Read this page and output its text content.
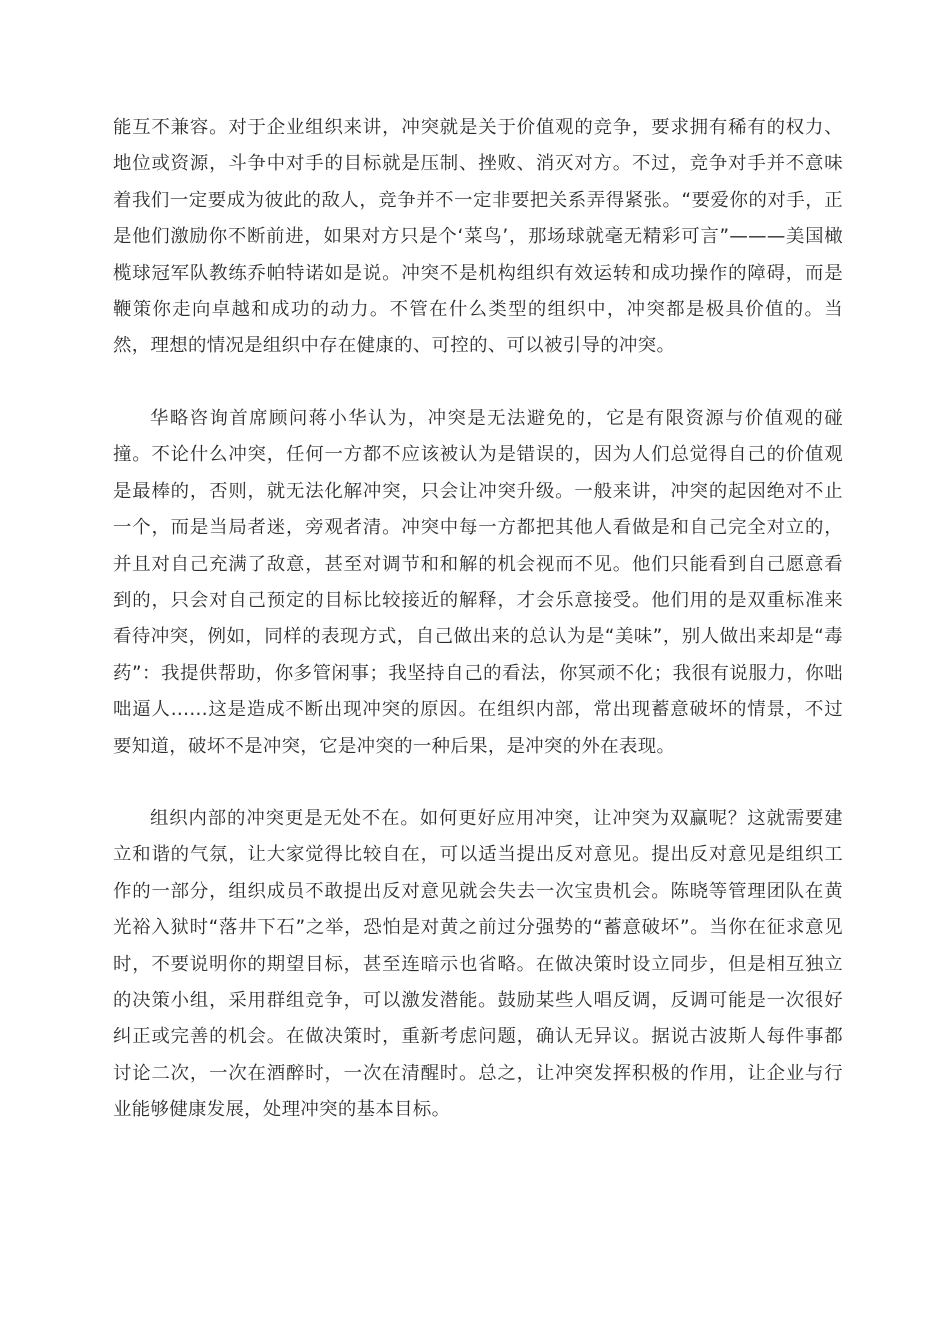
能互不兼容。对于企业组织来讲，冲突就是关于价值观的竞争，要求拥有稀有的权力、地位或资源，斗争中对手的目标就是压制、挫败、消灭对方。不过，竞争对手并不意味着我们一定要成为彼此的敌人，竞争并不一定非要把关系弄得紧张。“要爱你的对手，正是他们激励你不断前进，如果对方只是个‘菜鸟’，那场球就毫无精彩可言”———美国橄榄球冠军队教练乔帕特诺如是说。冲突不是机构组织有效运转和成功操作的障碍，而是鞭策你走向卓越和成功的动力。不管在什么类型的组织中，冲突都是极具价值的。当然，理想的情况是组织中存在健康的、可控的、可以被引导的冲突。

华略咨询首席顾问蒋小华认为，冲突是无法避免的，它是有限资源与价值观的碰撞。不论什么冲突，任何一方都不应该被认为是错误的，因为人们总觉得自己的价值观是最棒的，否则，就无法化解冲突，只会让冲突升级。一般来讲，冲突的起因绝对不止一个，而是当局者迷，旁观者清。冲突中每一方都把其他人看做是和自己完全对立的，并且对自己充满了敌意，甚至对调节和和解的机会视而不见。他们只能看到自己愿意看到的，只会对自己预定的目标比较接近的解释，才会乐意接受。他们用的是双重标准来看待冲突，例如，同样的表现方式，自己做出来的总认为是“美味”，别人做出来却是“毒药”：我提供帮助，你多管闲事；我坚持自己的看法，你冥顽不化；我很有说服力，你咄咄逼人......这是造成不断出现冲突的原因。在组织内部，常出现蓄意破坏的情景，不过要知道，破坏不是冲突，它是冲突的一种后果，是冲突的外在表现。

组织内部的冲突更是无处不在。如何更好应用冲突，让冲突为双赢呢？这就需要建立和谐的气氛，让大家觉得比较自在，可以适当提出反对意见。提出反对意见是组织工作的一部分，组织成员不敢提出反对意见就会失去一次宝贵机会。陈晓等管理团队在黄光裕入狱时“落井下石”之举，恐怕是对黄之前过分强势的“蓄意破坏”。当你在征求意见时，不要说明你的期望目标，甚至连暗示也省略。在做决策时设立同步，但是相互独立的决策小组，采用群组竞争，可以激发潜能。鼓励某些人唱反调，反调可能是一次很好纠正或完善的机会。在做决策时，重新考虑问题，确认无异议。据说古波斯人每件事都讨论二次，一次在酒醉时，一次在清醒时。总之，让冲突发挥积极的作用，让企业与行业能够健康发展，处理冲突的基本目标。
